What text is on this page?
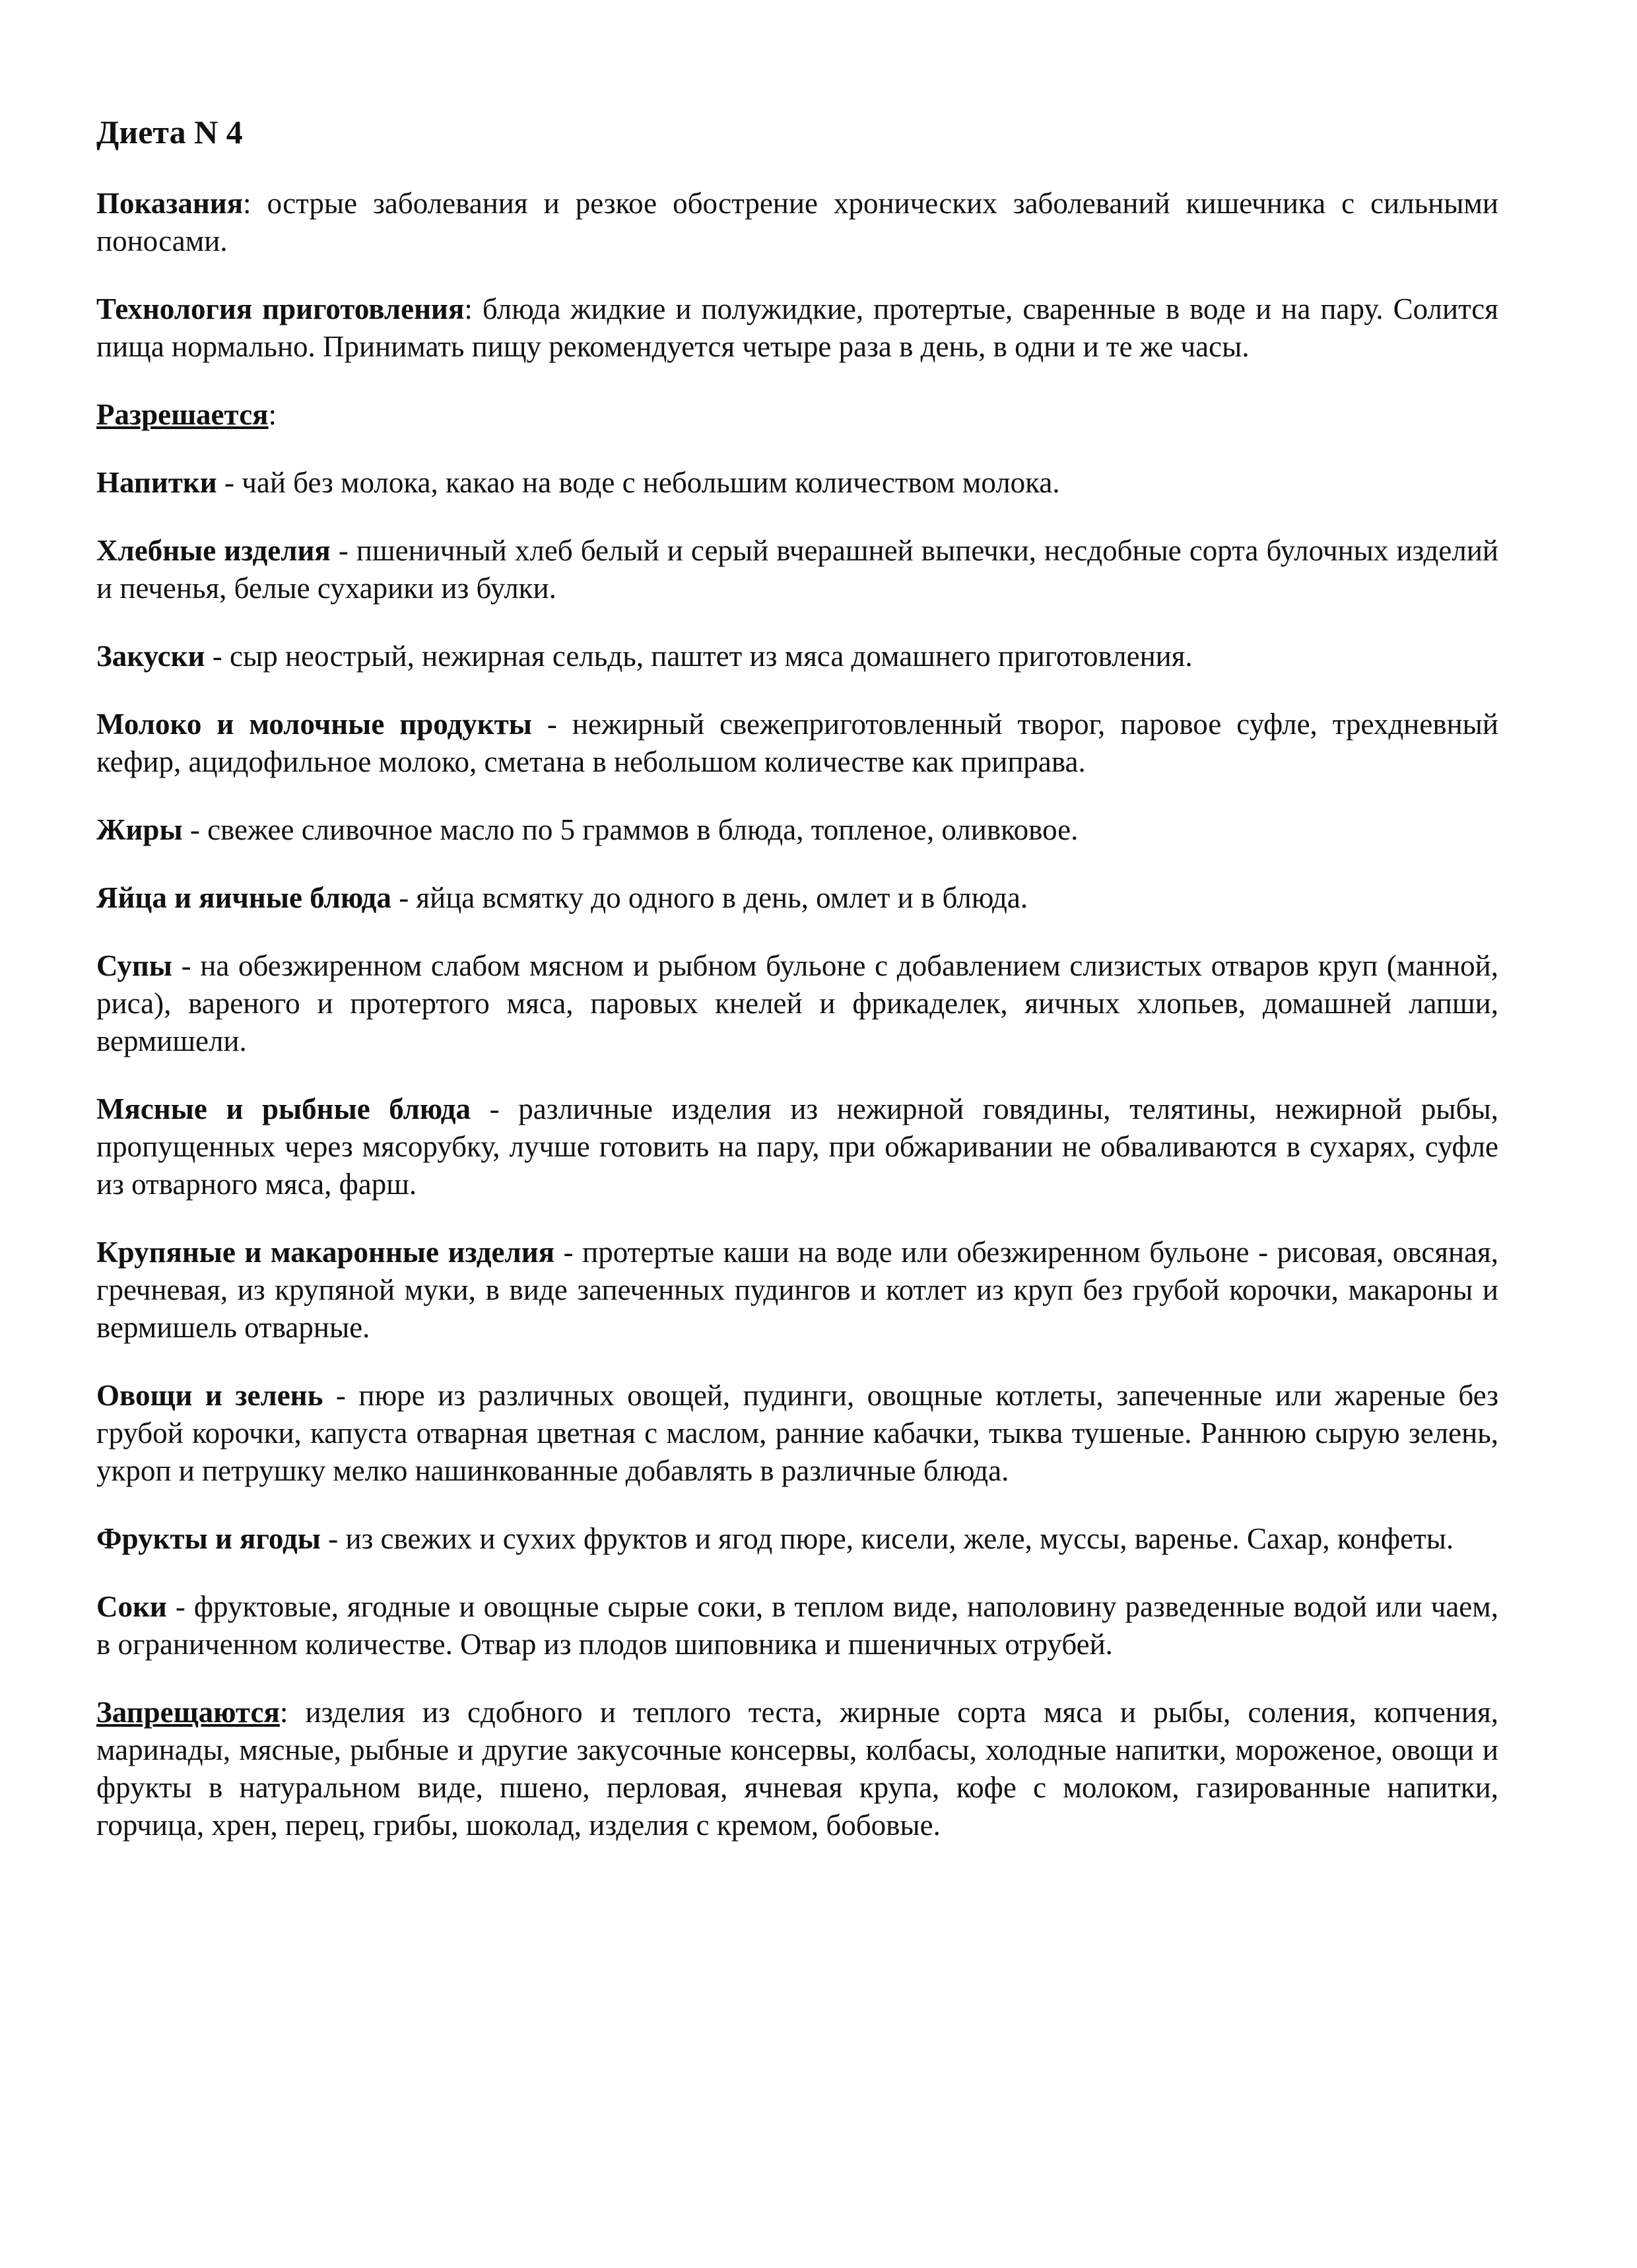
Диета N 4

Показания: острые заболевания и резкое обострение хронических заболеваний кишечника с сильными поносами.

Технология приготовления: блюда жидкие и полужидкие, протертые, сваренные в воде и на пару. Солится пища нормально. Принимать пищу рекомендуется четыре раза в день, в одни и те же часы.

Разрешается:

Напитки - чай без молока, какао на воде с небольшим количеством молока.

Хлебные изделия - пшеничный хлеб белый и серый вчерашней выпечки, несдобные сорта булочных изделий и печенья, белые сухарики из булки.

Закуски - сыр неострый, нежирная сельдь, паштет из мяса домашнего приготовления.

Молоко и молочные продукты - нежирный свежеприготовленный творог, паровое суфле, трехдневный кефир, ацидофильное молоко, сметана в небольшом количестве как приправа.

Жиры - свежее сливочное масло по 5 граммов в блюда, топленое, оливковое.

Яйца и яичные блюда - яйца всмятку до одного в день, омлет и в блюда.

Супы - на обезжиренном слабом мясном и рыбном бульоне с добавлением слизистых отваров круп (манной, риса), вареного и протертого мяса, паровых кнелей и фрикаделек, яичных хлопьев, домашней лапши, вермишели.

Мясные и рыбные блюда - различные изделия из нежирной говядины, телятины, нежирной рыбы, пропущенных через мясорубку, лучше готовить на пару, при обжаривании не обваливаются в сухарях, суфле из отварного мяса, фарш.

Крупяные и макаронные изделия - протертые каши на воде или обезжиренном бульоне - рисовая, овсяная, гречневая, из крупяной муки, в виде запеченных пудингов и котлет из круп без грубой корочки, макароны и вермишель отварные.

Овощи и зелень - пюре из различных овощей, пудинги, овощные котлеты, запеченные или жареные без грубой корочки, капуста отварная цветная с маслом, ранние кабачки, тыква тушеные. Раннюю сырую зелень, укроп и петрушку мелко нашинкованные добавлять в различные блюда.

Фрукты и ягоды - из свежих и сухих фруктов и ягод пюре, кисели, желе, муссы, варенье. Сахар, конфеты.

Соки - фруктовые, ягодные и овощные сырые соки, в теплом виде, наполовину разведенные водой или чаем, в ограниченном количестве. Отвар из плодов шиповника и пшеничных отрубей.

Запрещаются: изделия из сдобного и теплого теста, жирные сорта мяса и рыбы, соления, копчения, маринады, мясные, рыбные и другие закусочные консервы, колбасы, холодные напитки, мороженое, овощи и фрукты в натуральном виде, пшено, перловая, ячневая крупа, кофе с молоком, газированные напитки, горчица, хрен, перец, грибы, шоколад, изделия с кремом, бобовые.
